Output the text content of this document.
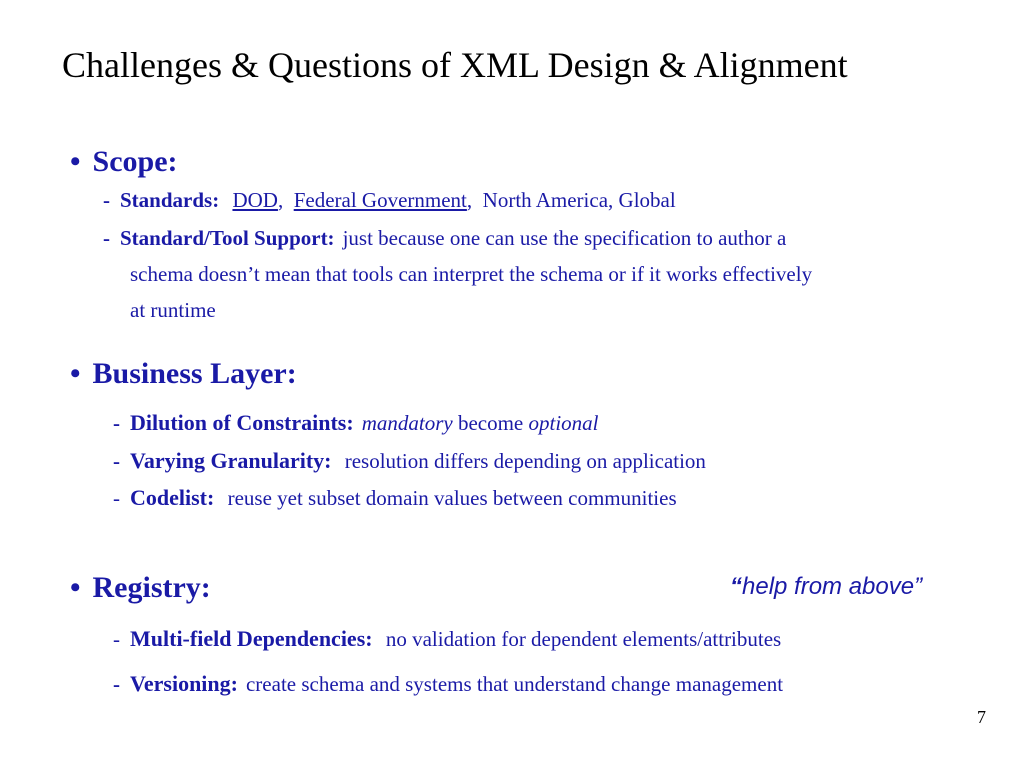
Challenges & Questions of XML Design & Alignment
• Scope:
- Standards: DOD, Federal Government, North America, Global
- Standard/Tool Support: just because one can use the specification to author a
schema doesn’t mean that tools can interpret the schema or if it works effectively
at runtime
• Business Layer:
- Dilution of Constraints: mandatory become optional
- Varying Granularity: resolution differs depending on application
- Codelist: reuse yet subset domain values between communities
• Registry:	“help from above”
- Multi-field Dependencies: no validation for dependent elements/attributes
- Versioning: create schema and systems that understand change management
7
